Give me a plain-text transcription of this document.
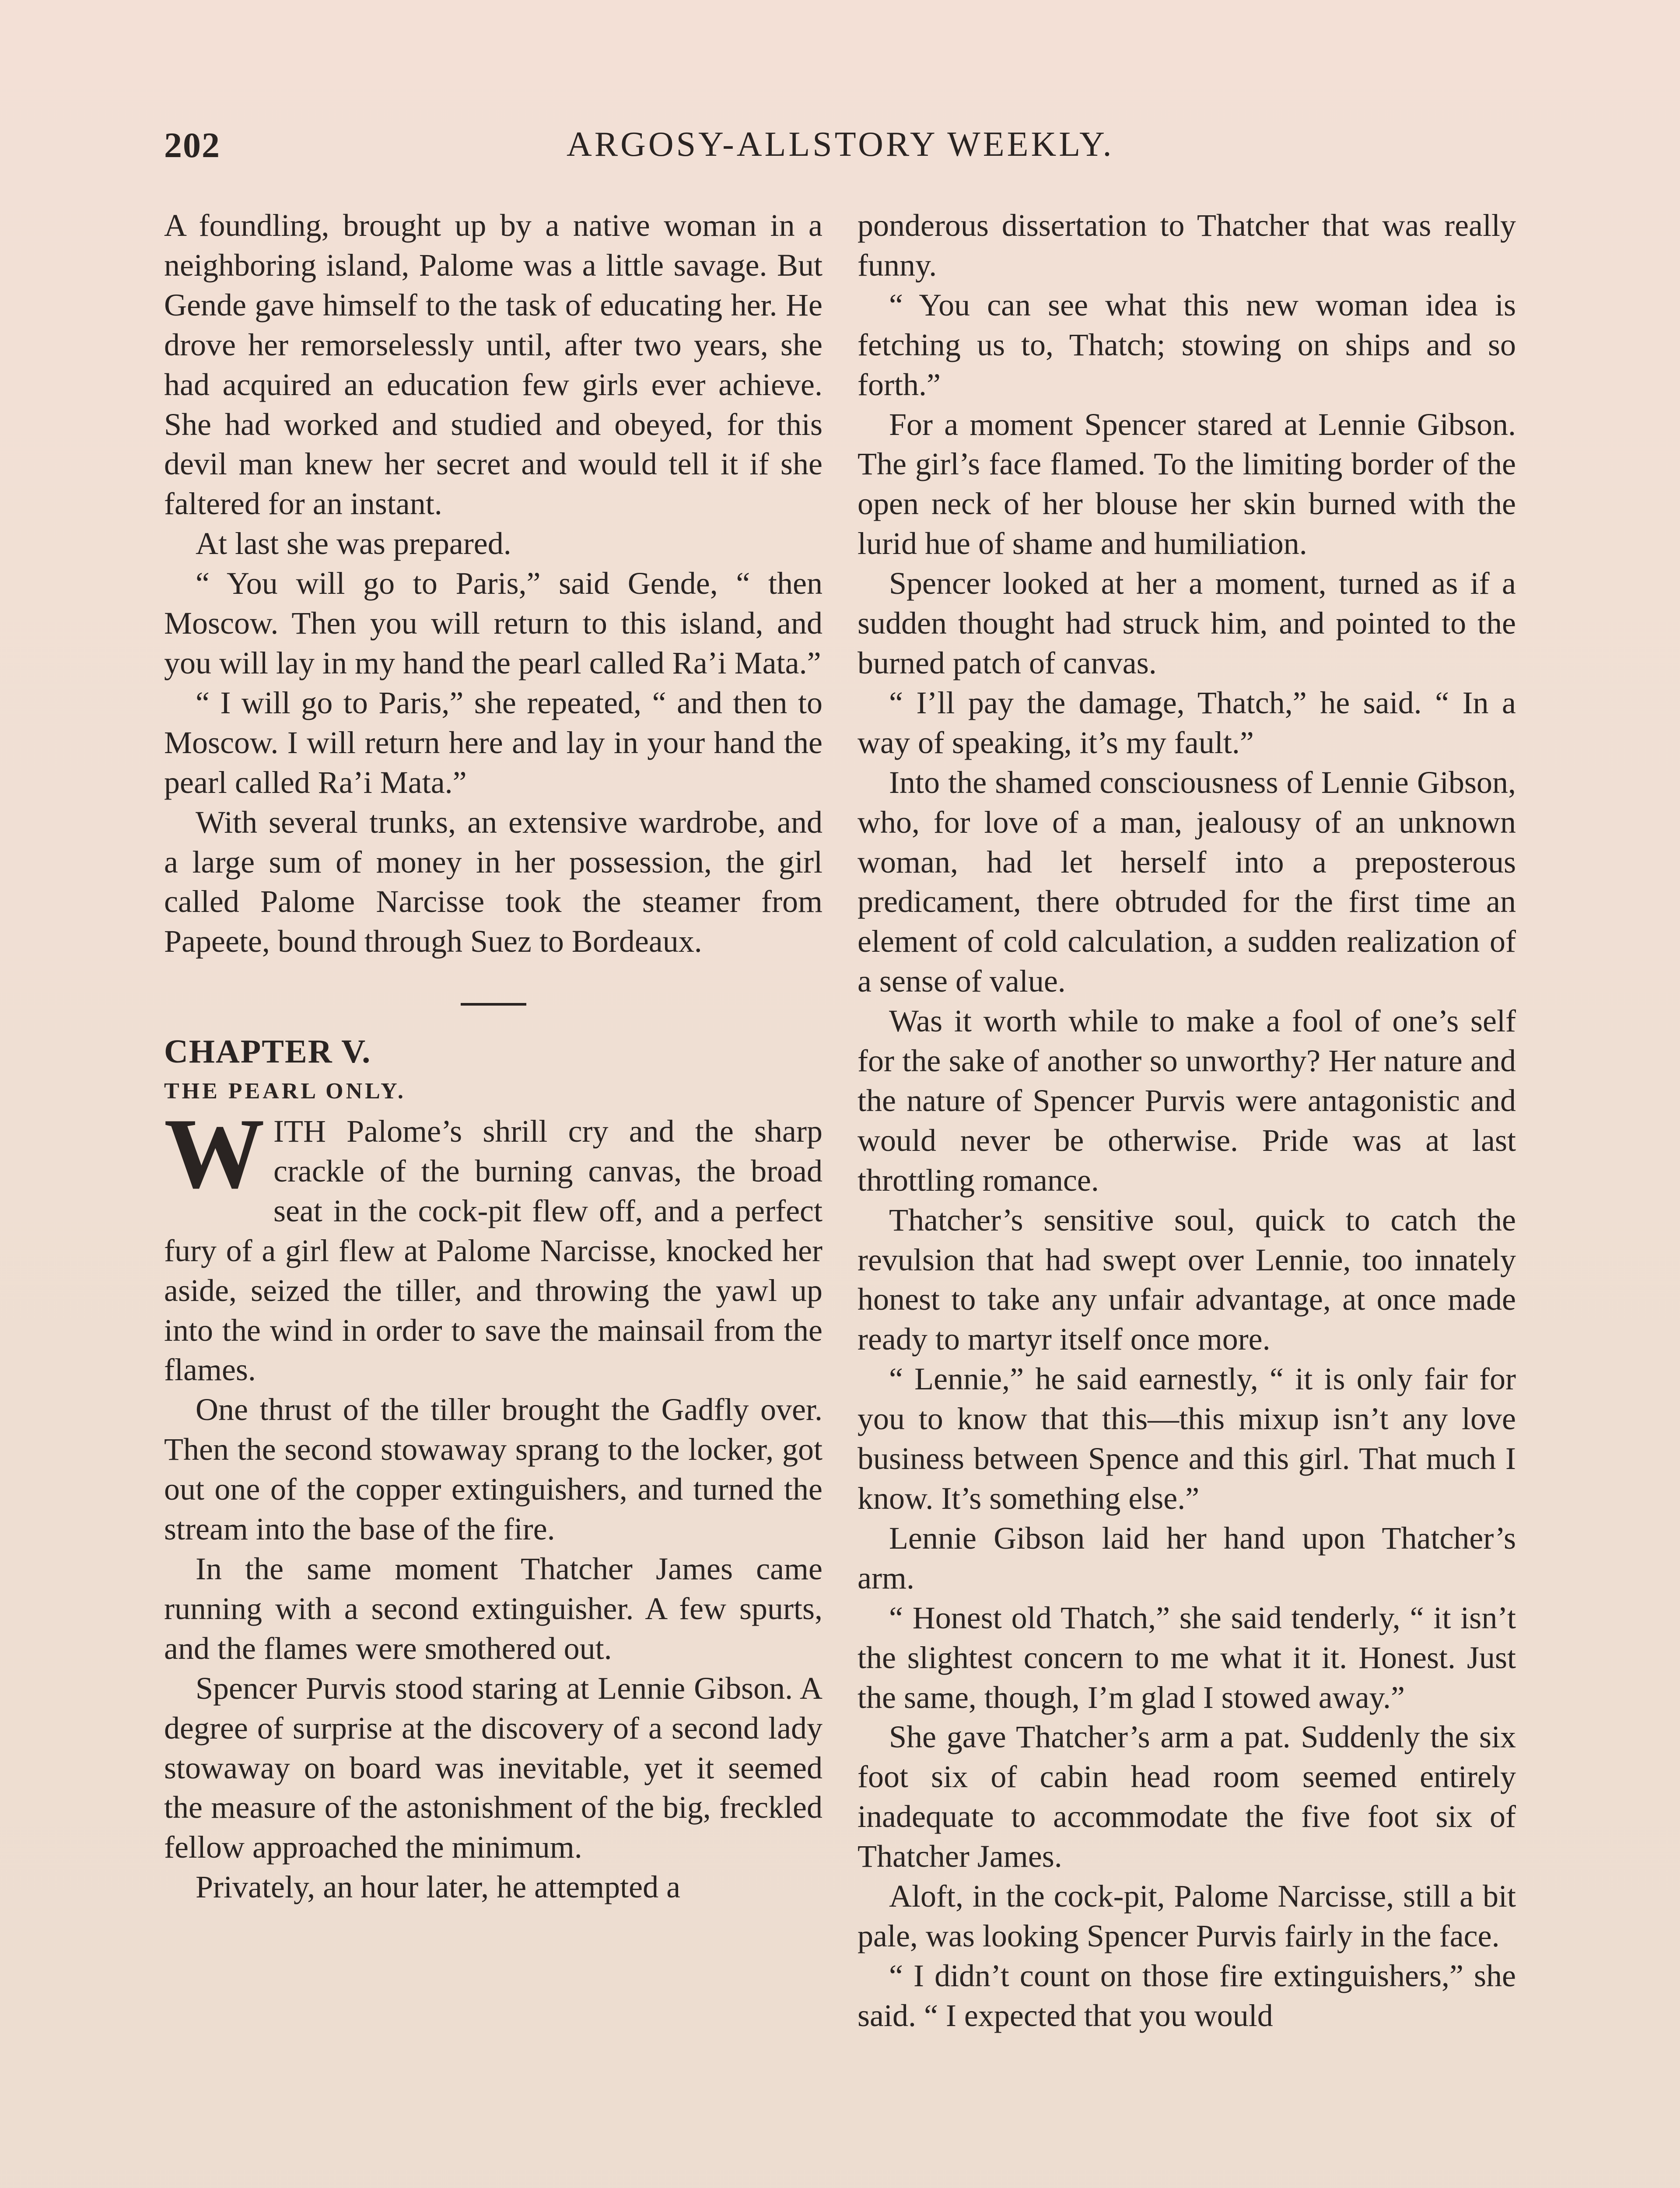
202	ARGOSY-ALLSTORY WEEKLY.

A foundling, brought up by a native woman in a neighboring island, Palome was a little savage. But Gende gave himself to the task of educating her. He drove her remorselessly until, after two years, she had acquired an education few girls ever achieve. She had worked and studied and obeyed, for this devil man knew her secret and would tell it if she faltered for an instant.

At last she was prepared.

“ You will go to Paris,” said Gende, “ then Moscow. Then you will return to this island, and you will lay in my hand the pearl called Ra’i Mata.”

“ I will go to Paris,” she repeated, “ and then to Moscow. I will return here and lay in your hand the pearl called Ra’i Mata.”

With several trunks, an extensive wardrobe, and a large sum of money in her possession, the girl called Palome Narcisse took the steamer from Papeete, bound through Suez to Bordeaux.

CHAPTER V.

THE PEARL ONLY.

WITH Palome’s shrill cry and the sharp crackle of the burning canvas, the broad seat in the cock-pit flew off, and a perfect fury of a girl flew at Palome Narcisse, knocked her aside, seized the tiller, and throwing the yawl up into the wind in order to save the mainsail from the flames.

One thrust of the tiller brought the Gadfly over. Then the second stowaway sprang to the locker, got out one of the copper extinguishers, and turned the stream into the base of the fire.

In the same moment Thatcher James came running with a second extinguisher. A few spurts, and the flames were smothered out.

Spencer Purvis stood staring at Lennie Gibson. A degree of surprise at the discovery of a second lady stowaway on board was inevitable, yet it seemed the measure of the astonishment of the big, freckled fellow approached the minimum.

Privately, an hour later, he attempted a

ponderous dissertation to Thatcher that was really funny.

“ You can see what this new woman idea is fetching us to, Thatch; stowing on ships and so forth.”

For a moment Spencer stared at Lennie Gibson. The girl’s face flamed. To the limiting border of the open neck of her blouse her skin burned with the lurid hue of shame and humiliation.

Spencer looked at her a moment, turned as if a sudden thought had struck him, and pointed to the burned patch of canvas.

“ I’ll pay the damage, Thatch,” he said. “ In a way of speaking, it’s my fault.”

Into the shamed consciousness of Lennie Gibson, who, for love of a man, jealousy of an unknown woman, had let herself into a preposterous predicament, there obtruded for the first time an element of cold calculation, a sudden realization of a sense of value.

Was it worth while to make a fool of one’s self for the sake of another so unworthy? Her nature and the nature of Spencer Purvis were antagonistic and would never be otherwise. Pride was at last throttling romance.

Thatcher’s sensitive soul, quick to catch the revulsion that had swept over Lennie, too innately honest to take any unfair advantage, at once made ready to martyr itself once more.

“ Lennie,” he said earnestly, “ it is only fair for you to know that this—this mixup isn’t any love business between Spence and this girl. That much I know. It’s something else.”

Lennie Gibson laid her hand upon Thatcher’s arm.

“ Honest old Thatch,” she said tenderly, “ it isn’t the slightest concern to me what it it. Honest. Just the same, though, I’m glad I stowed away.”

She gave Thatcher’s arm a pat. Suddenly the six foot six of cabin head room seemed entirely inadequate to accommodate the five foot six of Thatcher James.

Aloft, in the cock-pit, Palome Narcisse, still a bit pale, was looking Spencer Purvis fairly in the face.

“ I didn’t count on those fire extinguishers,” she said. “ I expected that you would
